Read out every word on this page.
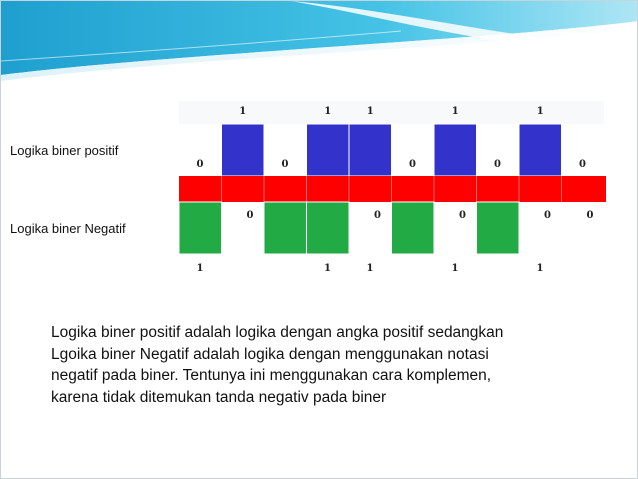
1	1	1	1	1
0	0	0	0	0
0	0	0	0	0
1	1	1	1	1
Logika biner positif
Logika biner Negatif
Logika biner positif adalah logika dengan angka positif sedangkan
Lgoika biner Negatif adalah logika dengan menggunakan notasi
negatif pada biner. Tentunya ini menggunakan cara komplemen,
karena tidak ditemukan tanda negativ pada biner
